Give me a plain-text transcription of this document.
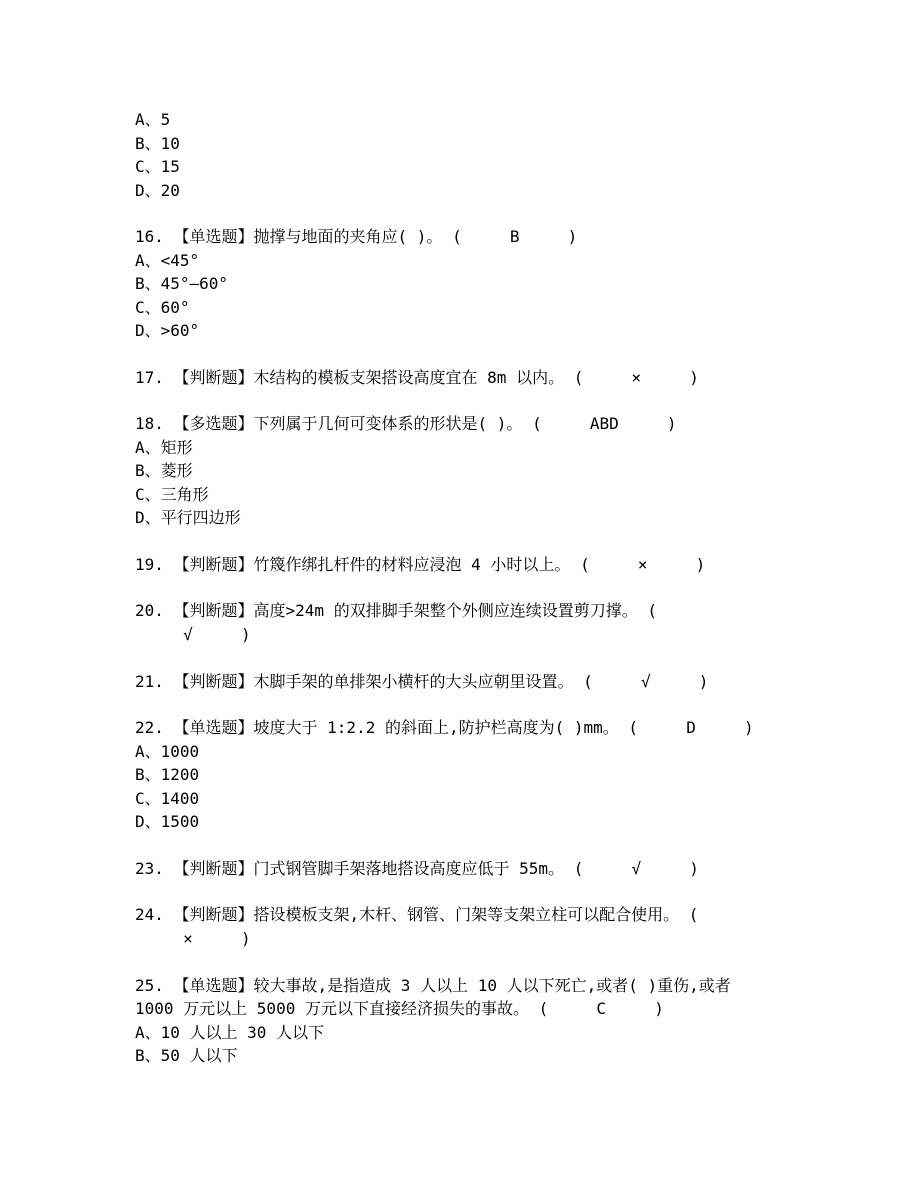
A、5
B、10
C、15
D、20
16. 【单选题】抛撑与地面的夹角应( )。 (     B     )
A、<45°
B、45°—60°
C、60°
D、>60°
17. 【判断题】木结构的模板支架搭设高度宜在 8m 以内。 (     ×     )
18. 【多选题】下列属于几何可变体系的形状是( )。 (     ABD     )
A、矩形
B、菱形
C、三角形
D、平行四边形
19. 【判断题】竹篾作绑扎杆件的材料应浸泡 4 小时以上。 (     ×     )
20. 【判断题】高度>24m 的双排脚手架整个外侧应连续设置剪刀撑。 (
√     )
21. 【判断题】木脚手架的单排架小横杆的大头应朝里设置。 (     √     )
22. 【单选题】坡度大于 1:2.2 的斜面上,防护栏高度为( )mm。 (     D     )
A、1000
B、1200
C、1400
D、1500
23. 【判断题】门式钢管脚手架落地搭设高度应低于 55m。 (     √     )
24. 【判断题】搭设模板支架,木杆、钢管、门架等支架立柱可以配合使用。 (
×     )
25. 【单选题】较大事故,是指造成 3 人以上 10 人以下死亡,或者( )重伤,或者
1000 万元以上 5000 万元以下直接经济损失的事故。 (     C     )
A、10 人以上 30 人以下
B、50 人以下
